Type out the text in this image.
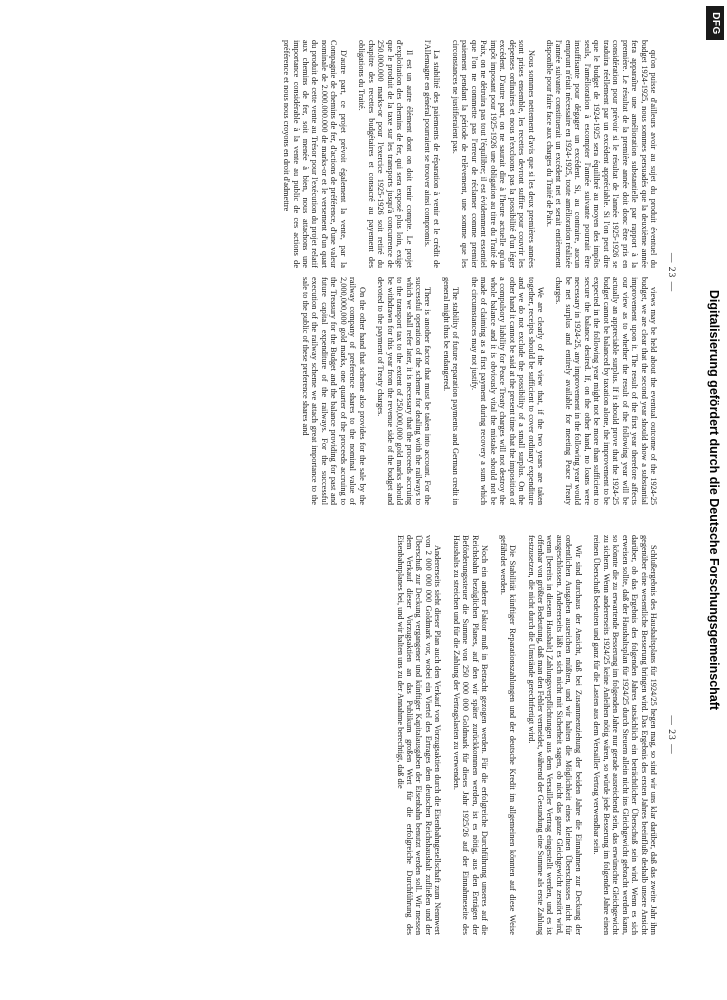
— 23 —

qu'on puisse d'ailleurs avoir au sujet du produit éventuel du budget 1924-1925, nous sommes persuadés que la deuxième année fera apparaître une amélioration substantielle par rapport à la première. Le résultat de la première année doit donc être pris en considération pour prévoir si le résultat de l'année 1925-1926 se traduira réellement par un excédent appréciable. Si l'on peut dire que le budget de 1924-1925 sera équilibré au moyen des impôts seuls, l'amélioration à escompter l'année suivante pourrait être insuffisante pour dégager un excédent. Si, au contraire, aucun emprunt n'était nécessaire en 1924-1925, toute amélioration réalisée l'année suivante constituerait un excédent net et serait entièrement disponible pour faire face aux charges du Traité de Paix.

Nous sommes nettement d'avis que si les deux premières années sont prises ensemble, les recettes devront suffire pour couvrir les dépenses ordinaires et nous n'excluons pas la possibilité d'un léger excédent. D'autre part, on ne saurait dire à l'heure actuelle qu'un impôt imposant pour 1925-1926 une obligation au titre du Traité de Paix, on ne détruira pas tout l'équilibre; il est évidemment essentiel que l'on ne commette pas l'erreur de réclamer comme premier paiement pendant la période de relèvement, une somme que les circonstances ne justifieraient pas.

La stabilité des paiements de réparation à venir et le crédit de l'Allemagne en général pourraient se trouver ainsi compromis.

Il est un autre élément dont on doit tenir compte. Le projet d'exploitation des chemins de fer, qui sera exposé plus loin, exige que le produit de la taxe sur les transports jusqu'à concurrence de 250.000.000 marks-or pour l'exercice 1925-1926 soit retiré du chapitre des recettes budgétaires et consacré au payement des obligations du Traité.

D'autre part, ce projet prévoit également la vente, par la Compagnie de chemins de fer, d'actions de préférence, d'une valeur nominale de 2.000.000.000 de marks-or et le versement d'un quart du produit de cette vente au Trésor pour l'exécution du projet relatif aux chemins de fer, soit menée à bien, nous attachons une importance considérable à la vente au public de ces actions de préférence et nous nous croyons en droit d'admettre

views may be held about the eventual outcome of the 1924-25 budget, we are clear that the second year should show a substantial improvement upon it. The result of the first year therefore affects our view as to whether the result of the following year will be actually an appreciable surplus. If it should prove that the 1924-25 budget cannot be balanced by taxation alone, the improvement to be expected in the following year might not be more than sufficient to secure the balance desired. If, on the other hand, no loans were necessary in 1924-25, any improvement in the following year would be net surplus and entirely available for meeting Peace Treaty charges.

We are clearly of the view that, if the two years are taken together, receipts should be sufficient to cover ordinary expenditure and we do not exclude the possibility of a small surplus. On the other hand it cannot be said at the present time that the imposition of a compulsory liability for Peace Treaty charges will not destroy the whole balance and it is obviously vital the mistake should not be made of claiming as a first payment during recovery a sum which the circumstances may not justify.

The stability of future reparation payments and German credit in general might thus be endangered.

There is another factor that must be taken into account. For the successful operation of the scheme for dealing with the railways to which we shall refer later, it is necessary that the proceeds accruing to the transport tax to the extent of 250,000,000 gold marks should be withdrawn for this year from the revenue side of the budget and devoted to the payment of Treaty charges.

On the other hand that scheme also provides for the sale by the railway company of preference shares to the nominal value of 2,000,000,000 gold marks, one quarter of the proceeds accruing to the Treasury for the Budget and the balance providing for past and future capital expenditure of the railways. For the successful execution of the railway scheme we attach great importance to the sale to the public of these preference shares and

— 23 —

Schlußergebnis des Haushaltsplans für 1924/25 hegen mag, so sind wir uns klar darüber, daß das zweite Jahr ihm gegenüber eine wesentliche Besserung bringen wird. Das Ergebnis des ersten Jahres beeinflußt deshalb unsere Ansicht darüber, ob das Ergebnis des folgenden Jahres tatsächlich ein beträchtlicher Überschuß sein wird. Wenn es sich erweisen sollte, daß der Haushaltsplan für 1924/25 durch Steuern allein nicht ins Gleichgewicht gebracht werden kann, so könnte die zu erwartende Besserung im folgenden Jahre nur gerade ausreichend sein, das erwünschte Gleichgewicht zu sichern. Wenn andererseits 1924/25 keine Anleihen nötig wären, so würde jede Besserung im folgenden Jahre einen reinen Überschuß bedeuten und ganz für die Lasten aus dem Versailler Vertrag verwendbar sein.

Wir sind durchaus der Ansicht, daß bei Zusammenziehung der beiden Jahre die Einnahmen zur Deckung der ordentlichen Ausgaben ausreichen müßten, und wir halten die Möglichkeit eines kleinen Überschusses nicht für ausgeschlossen. Andererseits läßt es sich nicht mit Sicherheit sagen, ob nicht das ganze Gleichgewicht zerstört wird, wenn [bereits in diesem Haushalt] Zahlungsverpflichtungen aus dem Versailler Vertrag eingestellt werden, und es ist offenbar von größter Bedeutung, daß man den Fehler vermeidet, während der Gesundung eine Summe als erste Zahlung festzusetzen, die nicht durch die Umstände gerechtfertigt wird.

Die Stabilität künftiger Reparationszahlungen und der deutsche Kredit im allgemeinen könnten auf diese Weise gefährdet werden.

Noch ein anderer Faktor muß in Betracht gezogen werden. Für die erfolgreiche Durchführung unseres auf die Reichsbahn bezüglichen Planes, auf den wir später zurückkommen werden, ist es nötig, aus den Erträgen der Beförderungssteuer die Summe von 250 000 000 Goldmark für dieses Jahr 1925/26 auf der Einnahmeseite des Haushalts zu streichen und für die Zahlung der Vertragslasten zu verwenden.

Andererseits sieht dieser Plan auch den Verkauf von Vorzugsaktien durch die Eisenbahngesellschaft zum Nennwert von 2 000 000 000 Goldmark vor, wobei ein Viertel des Ertrages dem deutschen Reichshaushalt zufließen und der Überschuß zur Deckung vergangener und künftiger Kapitalausgaben der Eisenbahn benutzt werden soll. Wir messen dem Verkauf dieser Vorzugsaktien an das Publikum großen Wert für die erfolgreiche Durchführung des Eisenbahnplanes bei, und wir halten uns zu der Annahme berechtigt, daß die	Digitalisierung gefördert durch die Deutsche Forschungsgemeinschaft
DFG
